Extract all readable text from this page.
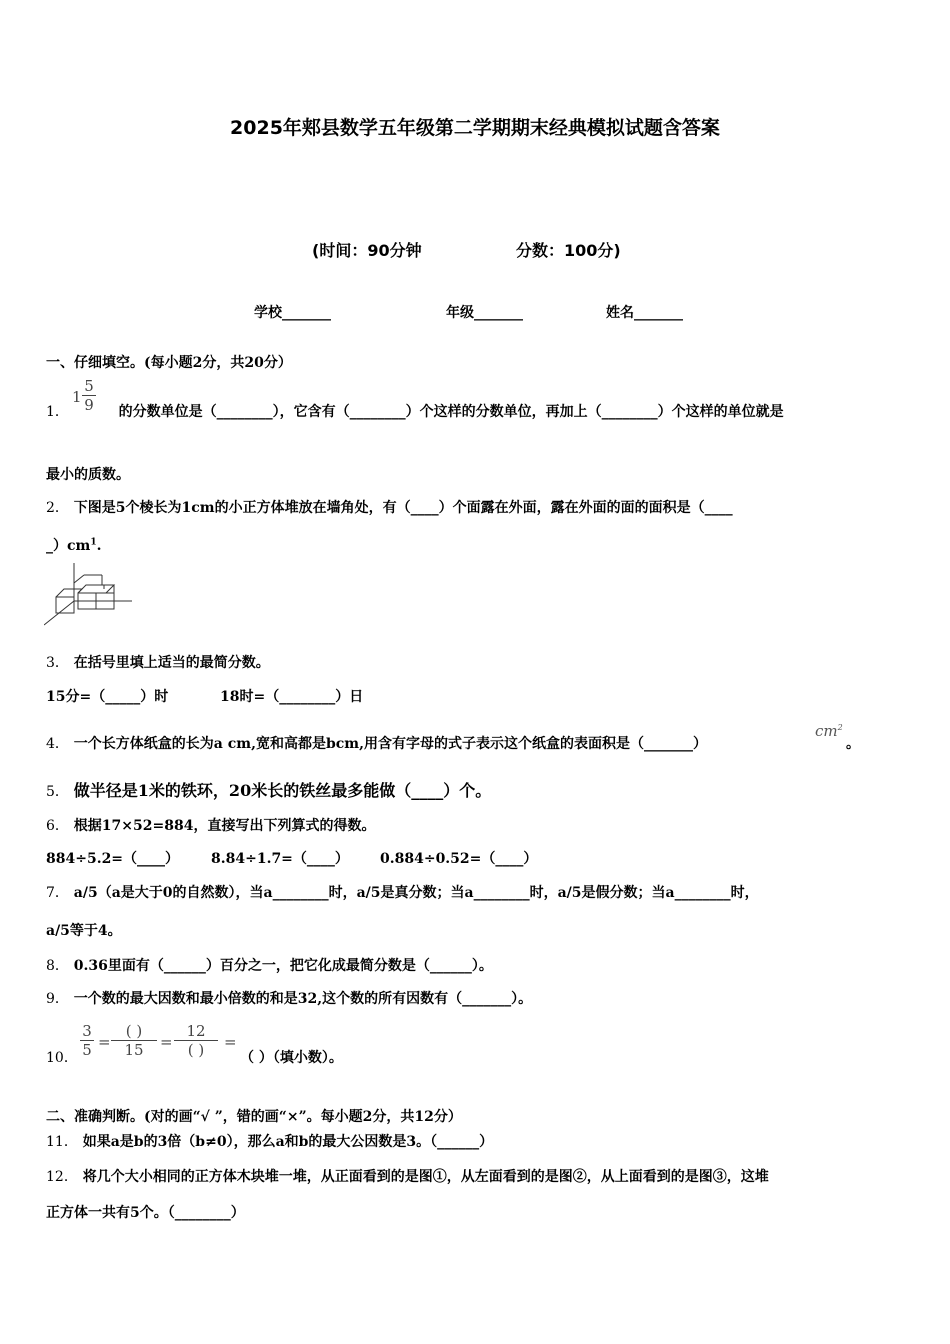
2025年郏县数学五年级第二学期期末经典模拟试题含答案
(时间：90分钟	分数：100分)
学校_______	年级_______	姓名_______
一、仔细填空。(每小题2分，共20分）
1．	的分数单位是（________），它含有（________）个这样的分数单位，再加上（________）个这样的单位就是
$1 \frac{5}{9}$
最小的质数。
2． 下图是5个棱长为1cm的小正方体堆放在墙角处，有（____）个面露在外面，露在外面的面的面积是（____
$\_)cm^1$.
3． 在括号里填上适当的最简分数。
15分=（_____）时	18时=（________）日
4． 一个长方体纸盒的长为a cm,宽和高都是bcm,用含有字母的式子表示这个纸盒的表面积是（_______）
$cm^2$
。
5． 做半径是1米的铁环，20米长的铁丝最多能做（____）个。
6． 根据17×52=884，直接写出下列算式的得数。
884÷5.2=（____） 8.84÷1.7=（____） 0.884÷0.52=（____）
7． a/5（a是大于0的自然数），当a________时，a/5是真分数；当a________时，a/5是假分数；当a________时，
a/5等于4。
8． 0.36里面有（______）百分之一，把它化成最简分数是（______）。
9． 一个数的最大因数和最小倍数的和是32,这个数的所有因数有（_______）。
10． $\frac{3}{5}$ =
( )
15	=
12
( )	=
（ ）（填小数）。
二、准确判断。(对的画“√ ”，错的画“×”。每小题2分，共12分）
11． 如果a是b的3倍（b≠0），那么a和b的最大公因数是3。（______）
12． 将几个大小相同的正方体木块堆一堆，从正面看到的是图①，从左面看到的是图②，从上面看到的是图③，这堆
正方体一共有5个。（________）
